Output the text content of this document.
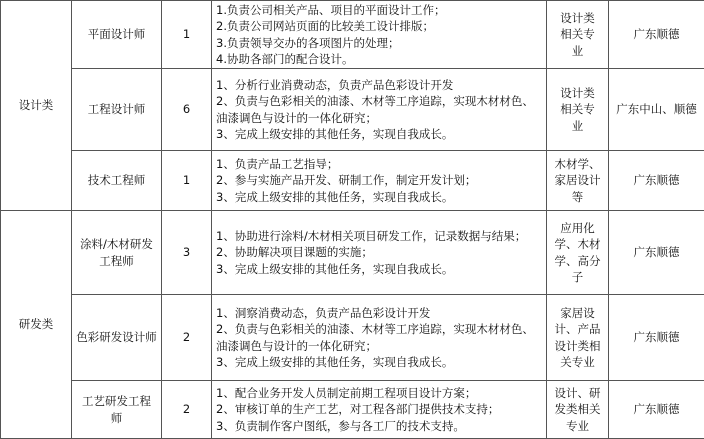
设计类	平面设计师	1	1.负责公司相关产品、项目的平面设计工作；
2.负责公司网站页面的比较美工设计排版；
3.负责领导交办的各项图片的处理；
4.协助各部门的配合设计。	设计类相关专业	广东顺德
	工程设计师	6	1、分析行业消费动态，负责产品色彩设计开发
2、负责与色彩相关的油漆、木材等工序追踪，实现木材材色、油漆调色与设计的一体化研究；
3、完成上级安排的其他任务，实现自我成长。	设计类相关专业	广东中山、顺德

	技术工程师	1	1、负责产品工艺指导；
2、参与实施产品开发、研制工作，制定开发计划；
3、完成上级安排的其他任务，实现自我成长。	木材学、家居设计等	广东顺德
研发类	涂料/木材研发工程师	3	1、协助进行涂料/木材相关项目研发工作，记录数据与结果；
2、协助解决项目课题的实施；
3、完成上级安排的其他任务，实现自我成长。	应用化学、木材学、高分子	广东顺德

	色彩研发设计师	2	1、洞察消费动态，负责产品色彩设计开发
2、负责与色彩相关的油漆、木材等工序追踪，实现木材材色、油漆调色与设计的一体化研究；
3、完成上级安排的其他任务，实现自我成长。	家居设计、产品设计类相关专业	广东顺德

	工艺研发工程师	2	1、配合业务开发人员制定前期工程项目设计方案；
2、审核订单的生产工艺，对工程各部门提供技术支持；
3、负责制作客户图纸，参与各工厂的技术支持。	设计、研发类相关专业	广东顺德
